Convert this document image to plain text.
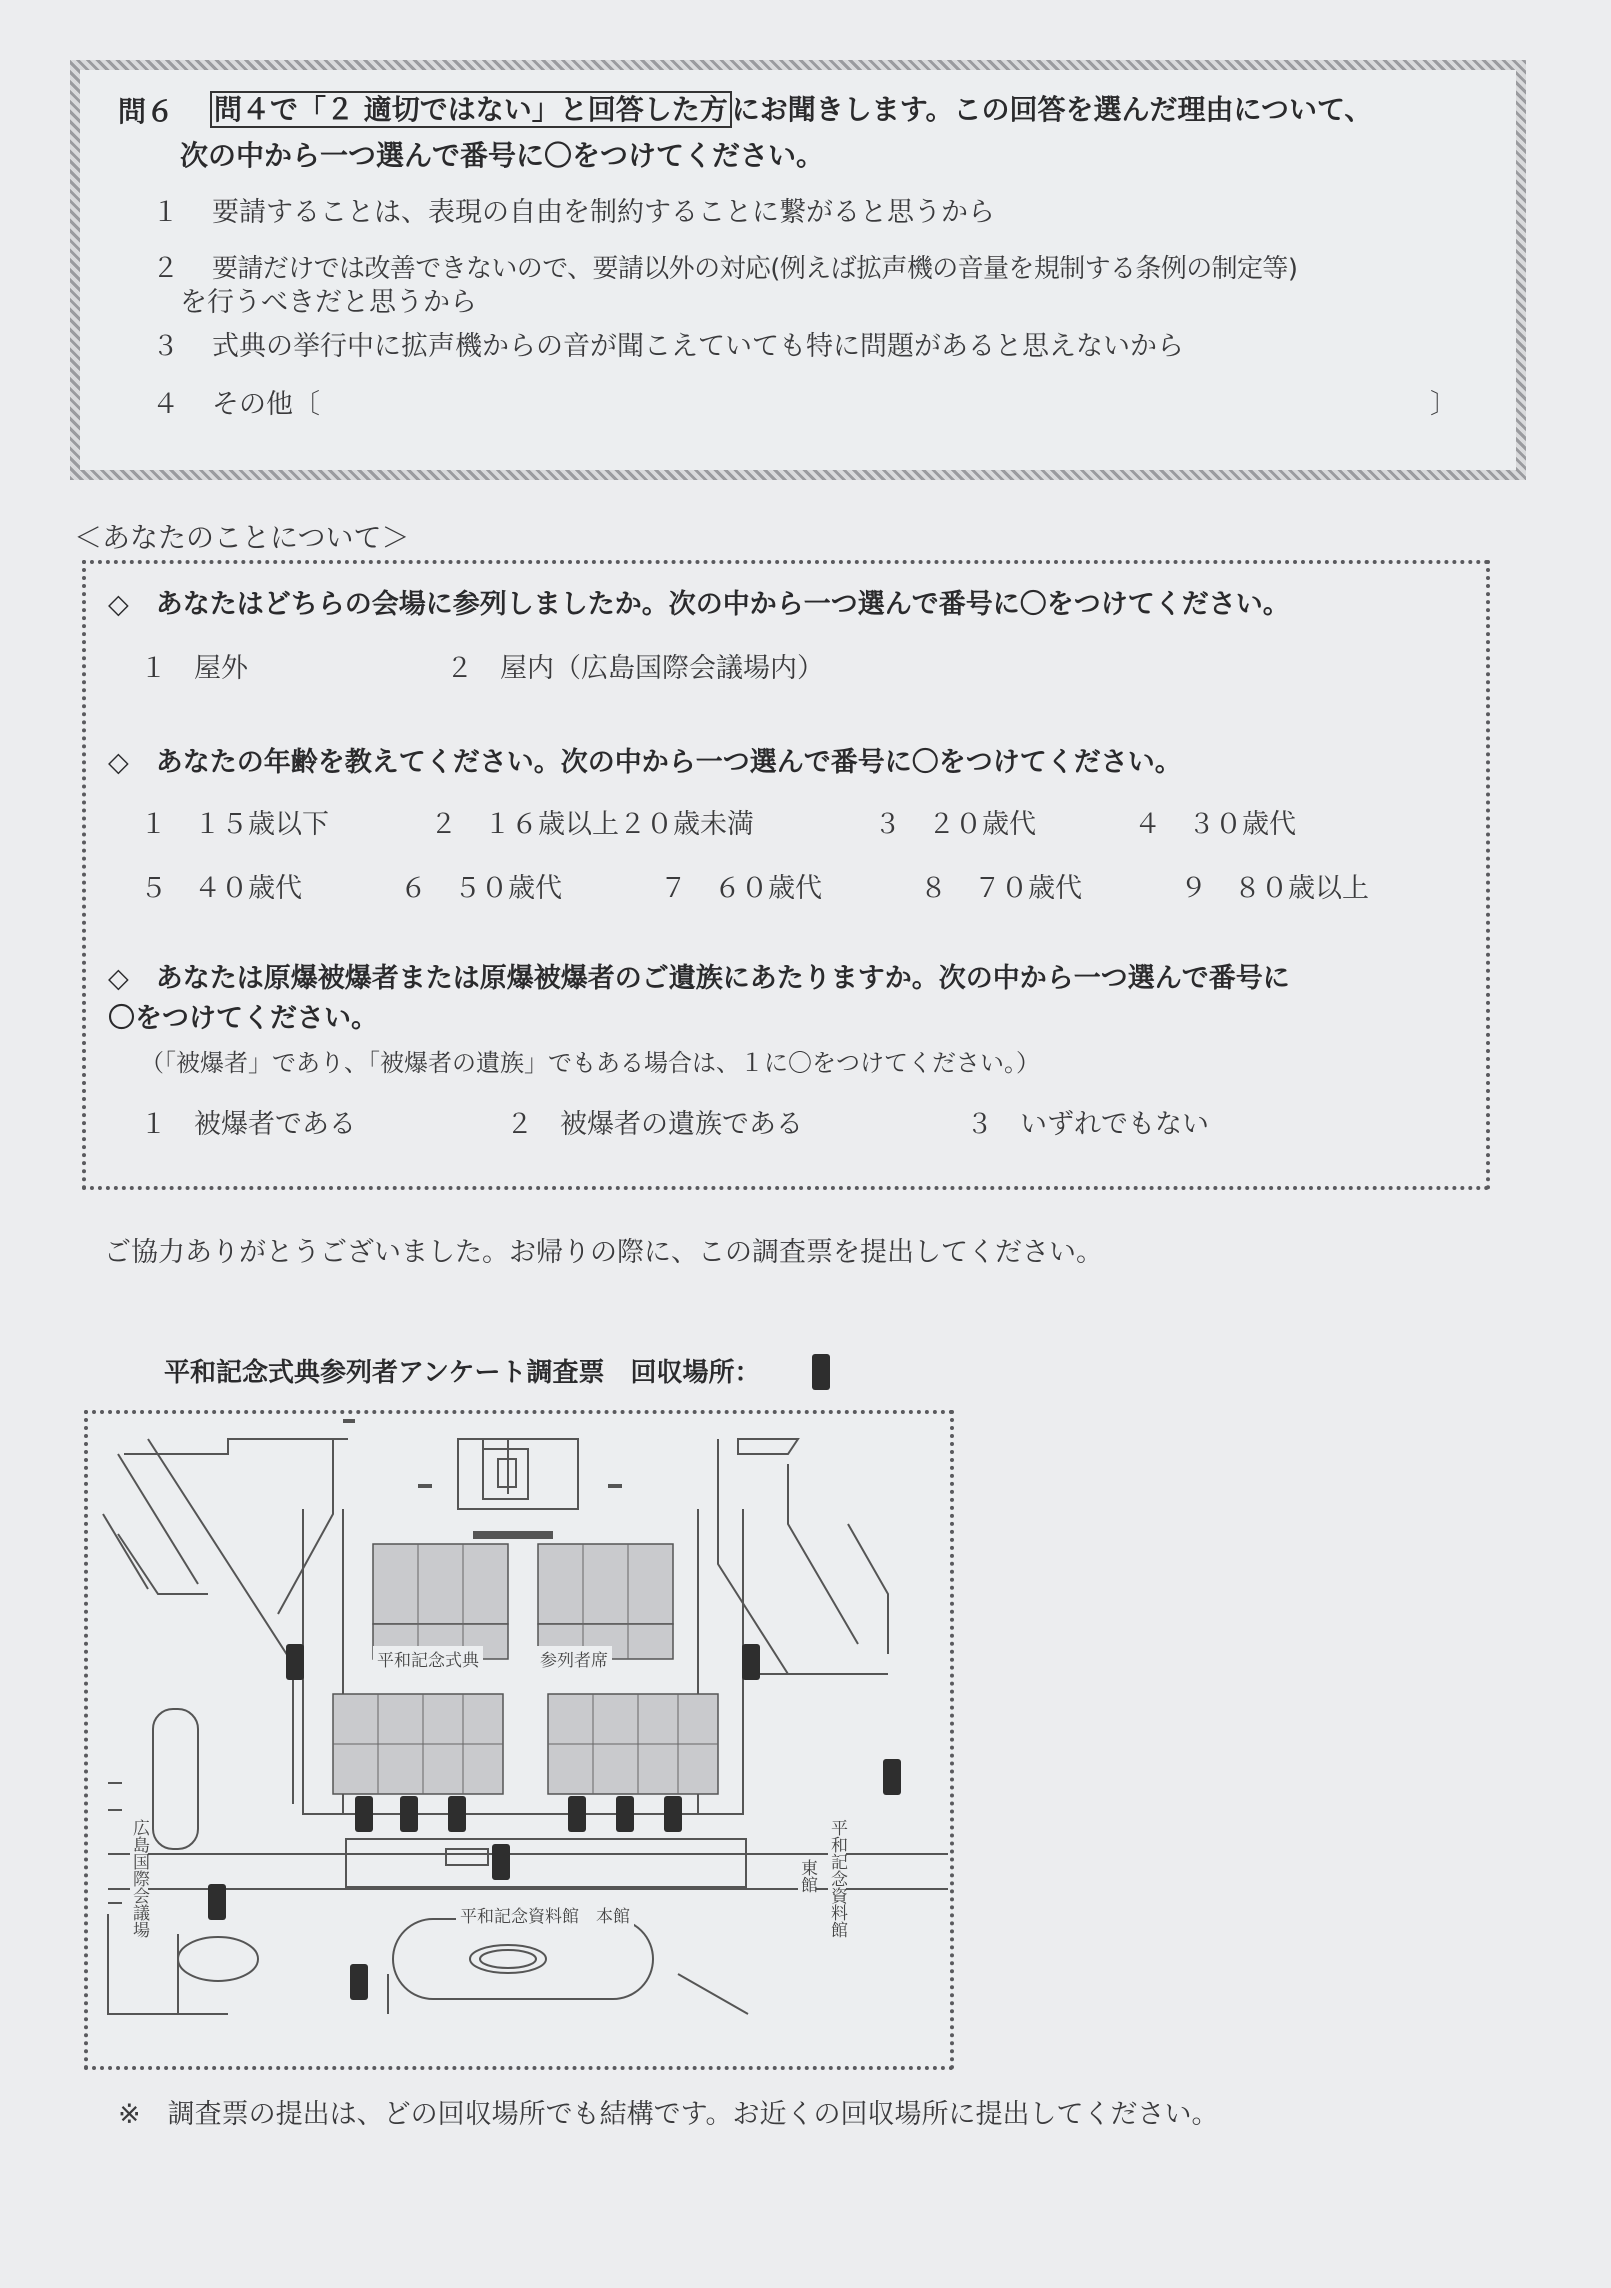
問６ 問４で「２ 適切ではない」と回答した方 にお聞きします。この回答を選んだ理由について、
次の中から一つ選んで番号に〇をつけてください。
１ 要請することは、表現の自由を制約することに繋がると思うから
２ 要請だけでは改善できないので、要請以外の対応(例えば拡声機の音量を規制する条例の制定等)
を行うべきだと思うから
３ 式典の挙行中に拡声機からの音が聞こえていても特に問題があると思えないから
４ その他〔	〕
＜あなたのことについて＞
◇　あなたはどちらの会場に参列しましたか。次の中から一つ選んで番号に〇をつけてください。
１　屋外	２　屋内（広島国際会議場内）
◇　あなたの年齢を教えてください。次の中から一つ選んで番号に〇をつけてください。
１　１５歳以下	２　１６歳以上２０歳未満	３　２０歳代	４　３０歳代
５　４０歳代	６　５０歳代	７　６０歳代	８　７０歳代	９　８０歳以上
◇　あなたは原爆被爆者または原爆被爆者のご遺族にあたりますか。次の中から一つ選んで番号に
〇をつけてください。
（「被爆者」であり、「被爆者の遺族」でもある場合は、１に〇をつけてください。）
１　被爆者である	２　被爆者の遺族である	３　いずれでもない
ご協力ありがとうございました。お帰りの際に、この調査票を提出してください。
平和記念式典参列者アンケート調査票　回収場所：
平和記念式典	参列者席
平和記念資料館　本館
東館 平和記念資料館
広島国際会議場
※　調査票の提出は、どの回収場所でも結構です。お近くの回収場所に提出してください。
